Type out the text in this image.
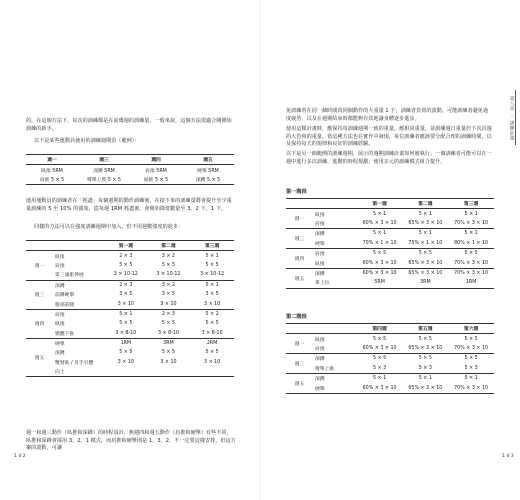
的，在這個方法下，每次的訓練都是在前幾週的訓練量，一般來說，這個方法很適合剛開始訓練的新手。
以下是某些運動員使用的訓練週期表（範例）：
週一	週三	週四	週五
臥推 5RM	深蹲 5RM	肩推 5RM	硬舉 5RM
肩推 5 × 5	彎舉上肢 5 × 5	臥推 5 × 5	深蹲 5 × 5
運用運動員的訓練者在「耗盡」每個週期的動作訓練後，在接下來的訓練量將會提升至少重量訓練的 5 至 10% 的強度，從每週 1RM 耗盡後，會開始降低數量至 3、2 下、1 下。
同樣的方法可以在強度訓練週期中加入，但不用週數強度的進步：
		第一週	第二週	第三週
週一	臥推	2 × 3	3 × 2	5 × 1
	肩推	5 × 5	5 × 5	5 × 5
	第三頭肌伸展	3 × 10-12	3 × 10-12	3 × 10-12
週三	深蹲	2 × 3	3 × 2	5 × 1
	前蹲硬舉	3 × 5	3 × 5	3 × 5
	腹部前腿	3 × 10	3 × 10	3 × 10
週四	肩推	5 × 1	2 × 3	5 × 2
	臥推	5 × 5	5 × 5	5 × 5
	變體下推	3 × 8-10	3 × 8-10	3 × 8-10
週五	硬舉	1RM	3RM	2RM
	深蹲	5 × 5	5 × 5	5 × 5
	雙臂臥 / 反手引體	3 × 10	3 × 10	3 × 10
	向上			
週一和週三動作（臥推和深蹲）的時程設計，無週四和週五動作（肩推和硬舉）有些不同，臥推和深蹲會採用 3、2、1 模式，而肩推和硬舉則是 1、3、2，不一定要這樣安排，但這方案的波動，可讓
1 4 2
免訓練者在同一個時間段同個動作的大重量 1 下，訓練者負荷的波動，可能訓練者避免過度疲勞，以及在週期結束時都能夠有效地讓身體逐步進步。
使用這類計畫時，應保持每訓練週期一致的重量，應相同重量，並訓練週日重量於下次首週的大負荷的重量。當這種方法也在實作中發現，每位訓練者應該要分配合理的訓練時間，以及保持每天的規律和良好的訓練經驗。
以下是另一個範例的訓練週期，展示的週期訓練計畫如何被執行。一個訓練者可能可以在一週中進行多次訓練，進階的時程規劃，使用多元的訓練模式組合提升。
第一階段
		第一週	第二週	第三週
週一	臥推	5 × 1	5 × 1	5 × 1
	肩推	60% × 3 × 10	65% × 3 × 10	70% × 3 × 10
週三	深蹲	5 × 1	5 × 1	5 × 1
	硬舉	70% × 1 × 10	75% × 1 × 10	80% × 1 × 10
週四	肩推	5 × 5	5 × 5	5 × 5
	臥推	60% × 3 × 10	65% × 3 × 10	70% × 3 × 10
週五	深蹲	60% × 3 × 10	65% × 3 × 10	70% × 3 × 10
	單上拉	5RM	3RM	1RM
第二階段
		第四週	第五週	第六週
週一	臥推	5 × 5	5 × 5	5 × 5
	肩推	60% × 3 × 10	65% × 3 × 10	70% × 3 × 10
週三	深蹲	5 × 5	5 × 5	5 × 5
	彎舉上推	5 × 3	5 × 3	5 × 3
週五	深蹲	5 × 1	5 × 1	5 × 1
	硬舉	60% × 3 × 10	65% × 3 × 10	70% × 3 × 10
第八章 ・ 訓練計畫
1 4 3
